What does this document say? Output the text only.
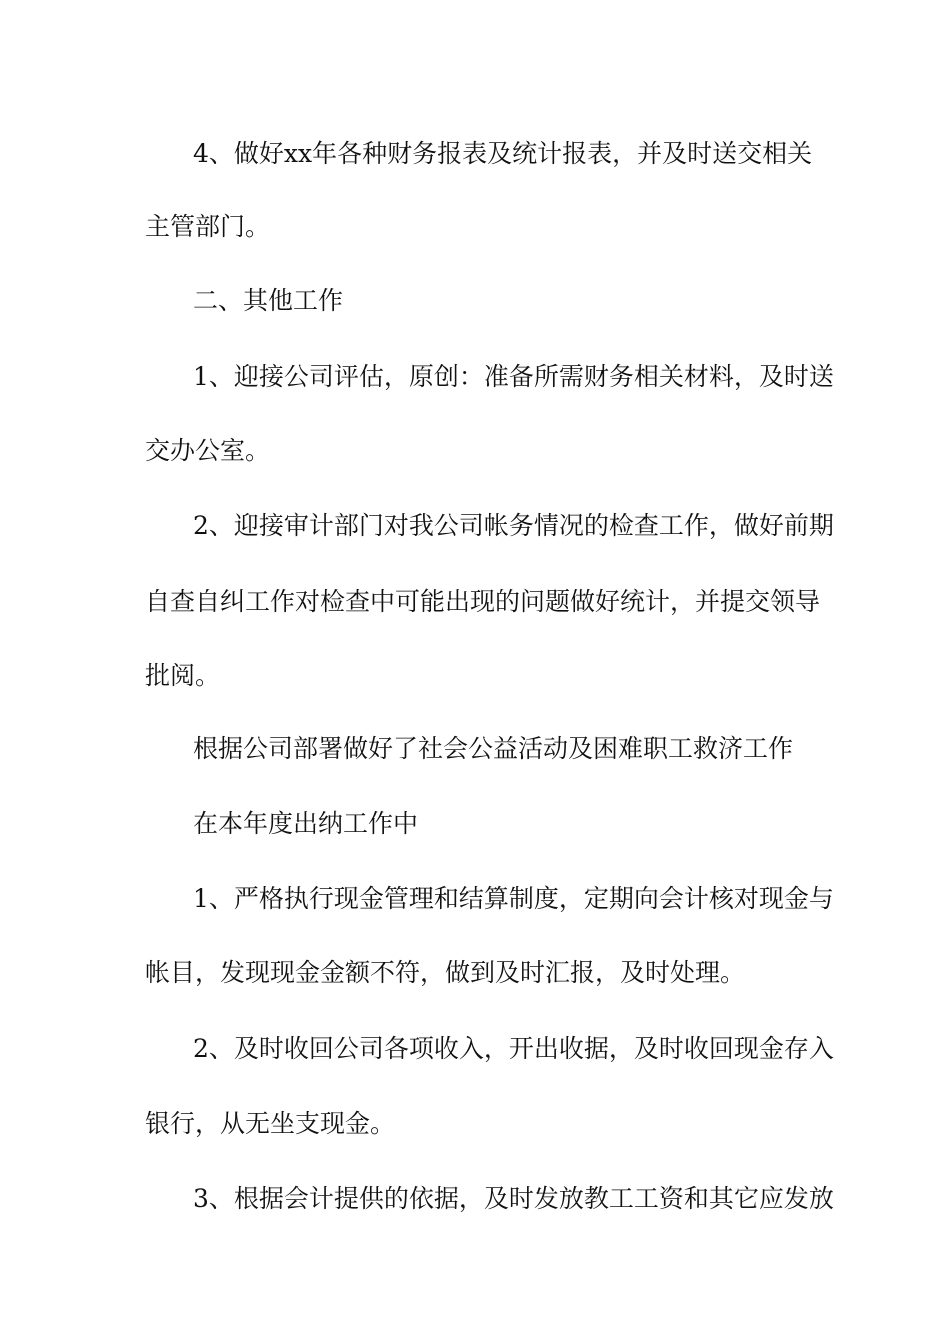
4、做好xx年各种财务报表及统计报表，并及时送交相关
主管部门。
二、其他工作
1、迎接公司评估，原创：准备所需财务相关材料，及时送
交办公室。
2、迎接审计部门对我公司帐务情况的检查工作，做好前期
自查自纠工作对检查中可能出现的问题做好统计，并提交领导
批阅。
根据公司部署做好了社会公益活动及困难职工救济工作
在本年度出纳工作中
1、严格执行现金管理和结算制度，定期向会计核对现金与
帐目，发现现金金额不符，做到及时汇报，及时处理。
2、及时收回公司各项收入，开出收据，及时收回现金存入
银行，从无坐支现金。
3、根据会计提供的依据，及时发放教工工资和其它应发放
